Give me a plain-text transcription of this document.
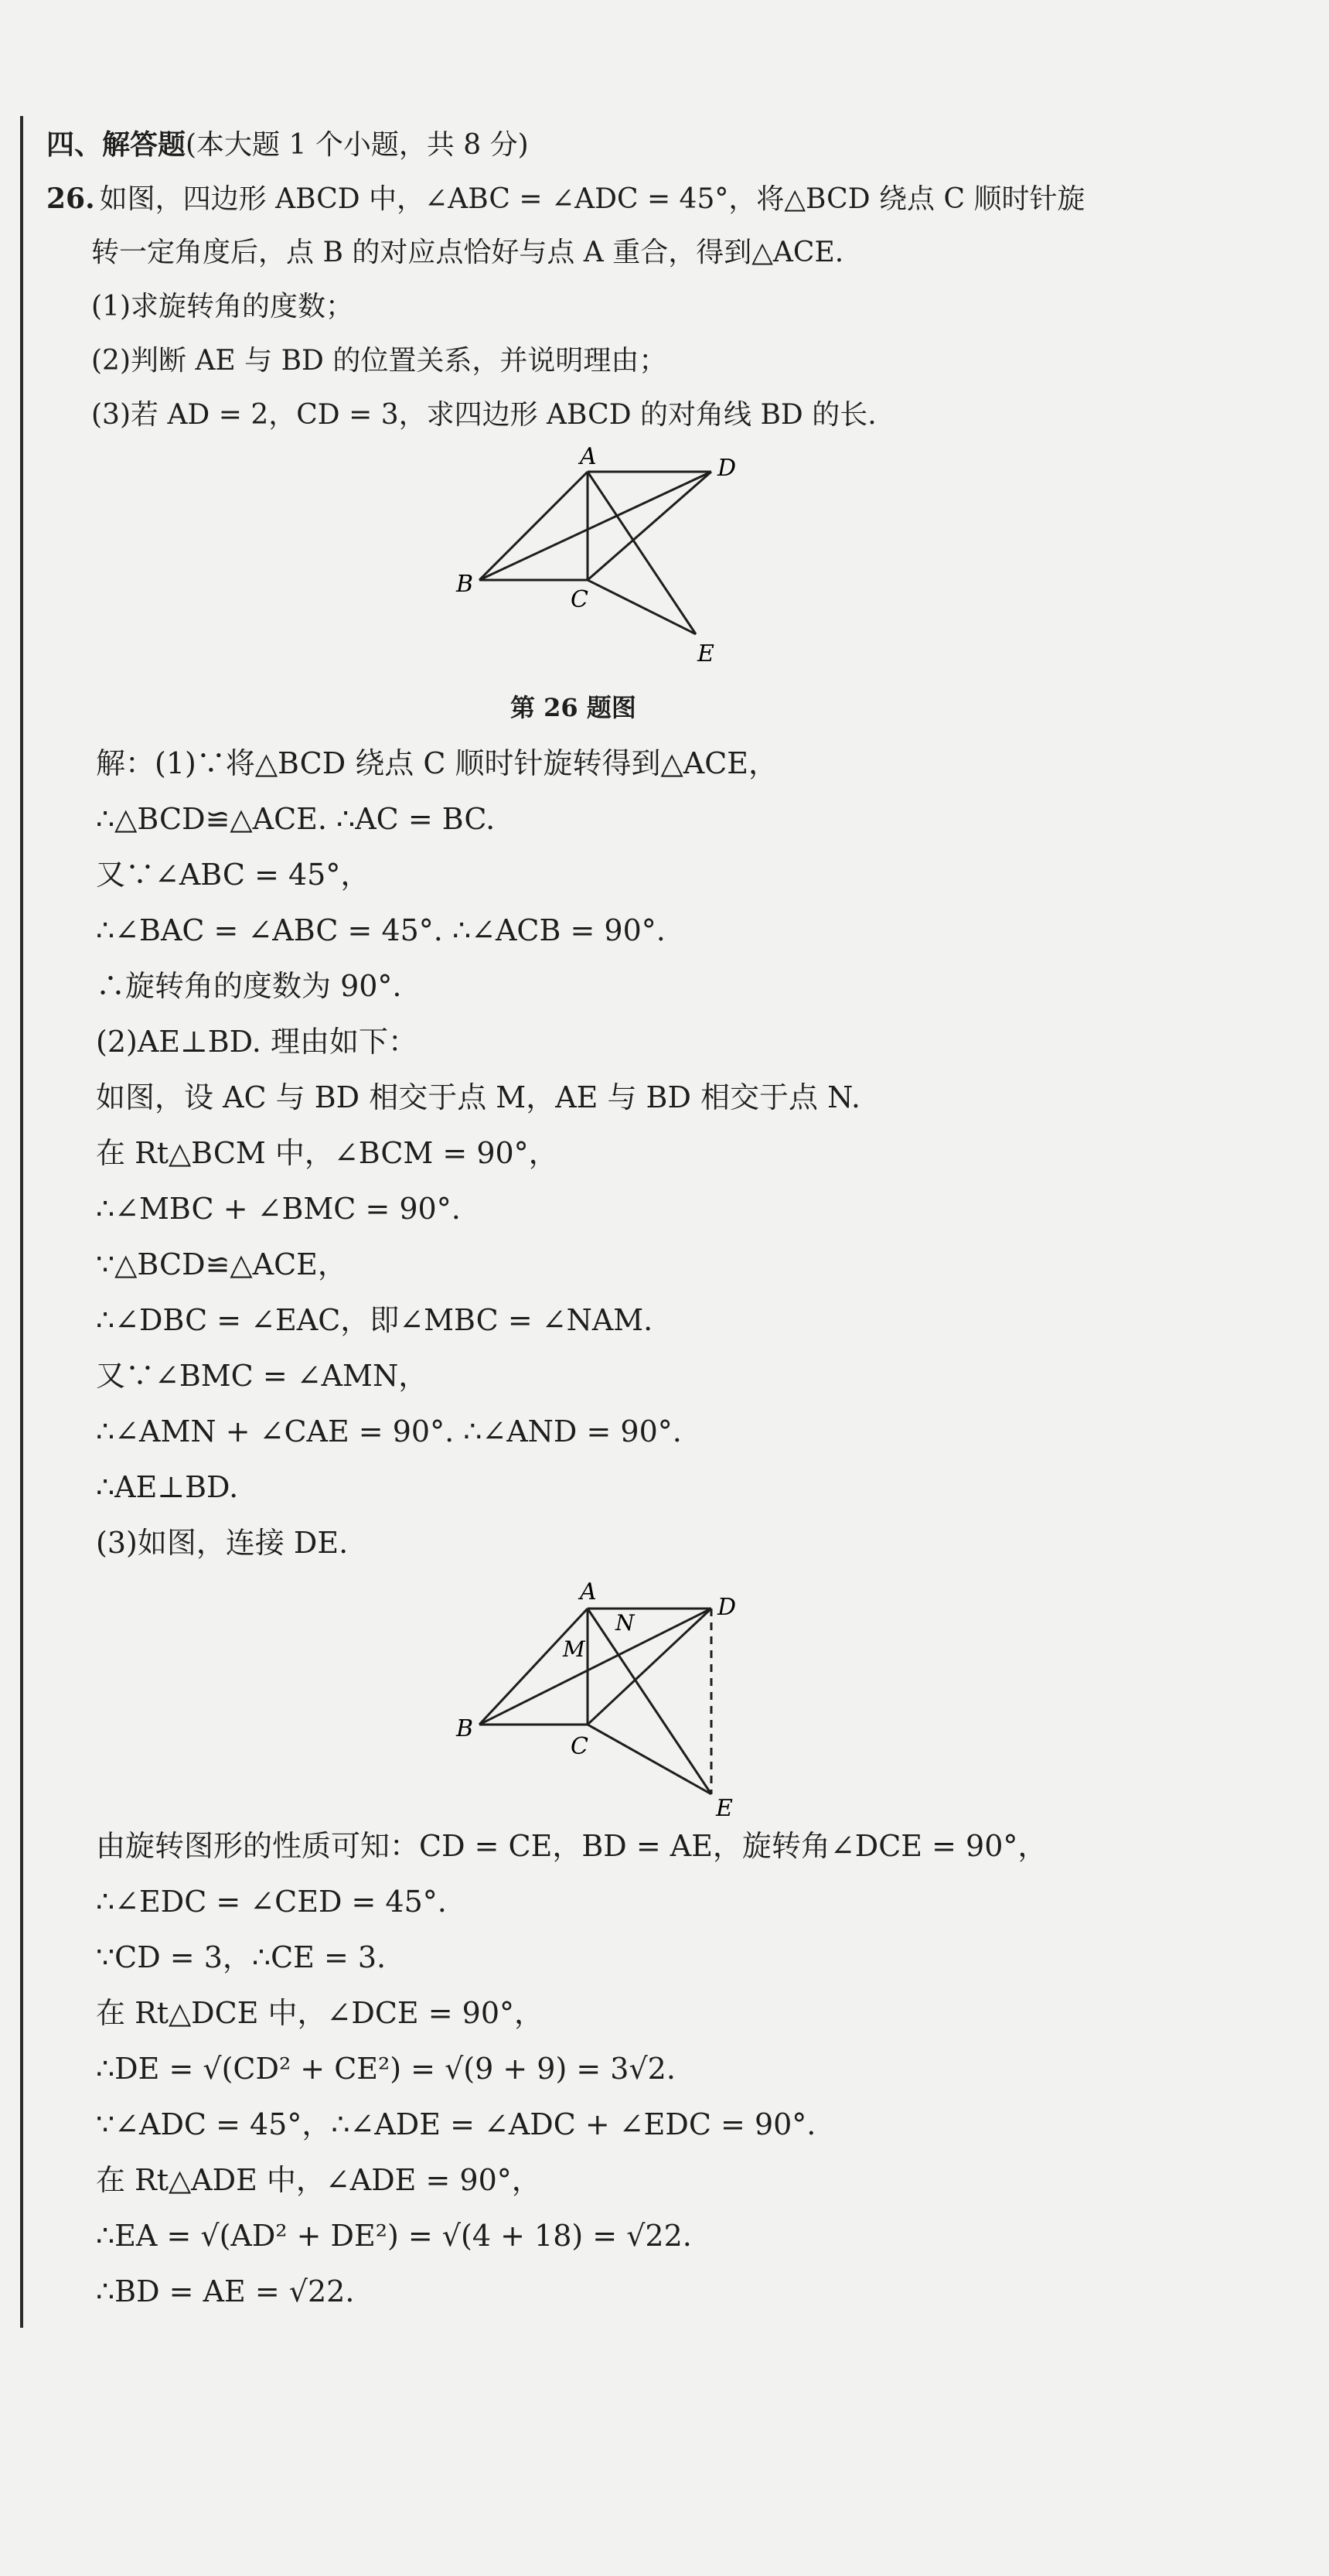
四、解答题(本大题 1 个小题，共 8 分)
26. 如图，四边形 ABCD 中，∠ABC = ∠ADC = 45°，将△BCD 绕点 C 顺时针旋
转一定角度后，点 B 的对应点恰好与点 A 重合，得到△ACE.
(1)求旋转角的度数；
(2)判断 AE 与 BD 的位置关系，并说明理由；
(3)若 AD = 2，CD = 3，求四边形 ABCD 的对角线 BD 的长.
A	D
B
C
E
第 26 题图
解：(1)∵将△BCD 绕点 C 顺时针旋转得到△ACE，
∴△BCD≌△ACE. ∴AC = BC.
又∵∠ABC = 45°，
∴∠BAC = ∠ABC = 45°. ∴∠ACB = 90°.
∴旋转角的度数为 90°.
(2)AE⊥BD. 理由如下：
如图，设 AC 与 BD 相交于点 M，AE 与 BD 相交于点 N.
在 Rt△BCM 中，∠BCM = 90°，
∴∠MBC + ∠BMC = 90°.
∵△BCD≌△ACE，
∴∠DBC = ∠EAC，即∠MBC = ∠NAM.
又∵∠BMC = ∠AMN，
∴∠AMN + ∠CAE = 90°. ∴∠AND = 90°.
∴AE⊥BD.
(3)如图，连接 DE.
A
D
B
C
E
M
N
由旋转图形的性质可知：CD = CE，BD = AE，旋转角∠DCE = 90°，
∴∠EDC = ∠CED = 45°.
∵CD = 3，∴CE = 3.
在 Rt△DCE 中，∠DCE = 90°，
∴DE = √(CD² + CE²) = √(9 + 9) = 3√2.
∵∠ADC = 45°，∴∠ADE = ∠ADC + ∠EDC = 90°.
在 Rt△ADE 中，∠ADE = 90°，
∴EA = √(AD² + DE²) = √(4 + 18) = √22.
∴BD = AE = √22.
